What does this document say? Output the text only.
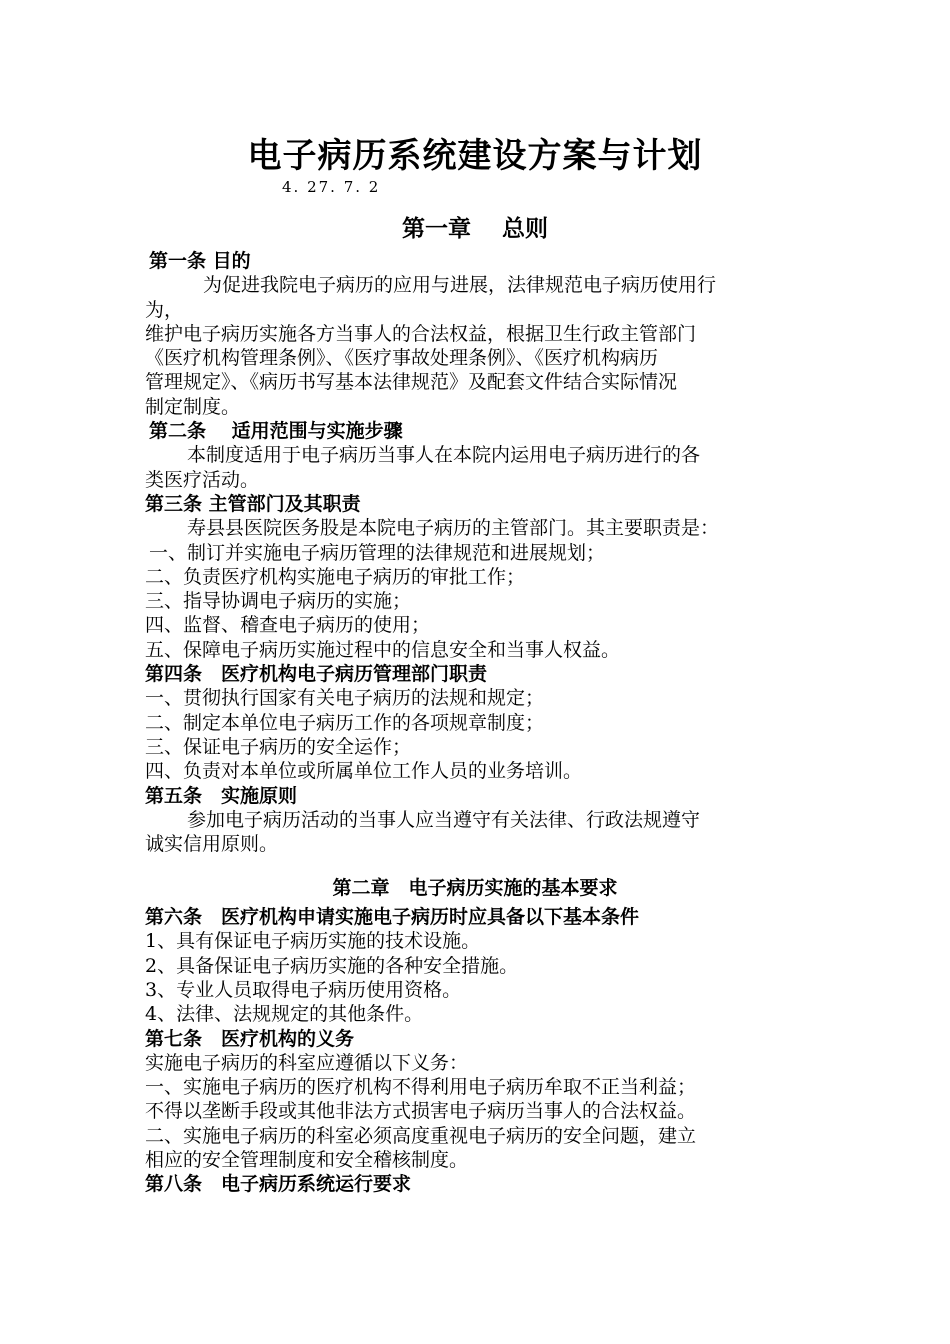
电子病历系统建设方案与计划
4. 27. 7. 2
第一章　 总则

第一条 目的

为促进我院电子病历的应用与进展，法律规范电子病历使用行

为，

维护电子病历实施各方当事人的合法权益，根据卫生行政主管部门

《医疗机构管理条例》、《医疗事故处理条例》、《医疗机构病历

管理规定》、《病历书写基本法律规范》及配套文件结合实际情况

制定制度。

第二条　 适用范围与实施步骤

本制度适用于电子病历当事人在本院内运用电子病历进行的各

类医疗活动。

第三条 主管部门及其职责

寿县县医院医务股是本院电子病历的主管部门。其主要职责是：

一、制订并实施电子病历管理的法律规范和进展规划；

二、负责医疗机构实施电子病历的审批工作；

三、指导协调电子病历的实施；

四、监督、稽查电子病历的使用；

五、保障电子病历实施过程中的信息安全和当事人权益。

第四条　医疗机构电子病历管理部门职责

一、贯彻执行国家有关电子病历的法规和规定；

二、制定本单位电子病历工作的各项规章制度；

三、保证电子病历的安全运作；

四、负责对本单位或所属单位工作人员的业务培训。

第五条　实施原则

参加电子病历活动的当事人应当遵守有关法律、行政法规遵守

诚实信用原则。

第六条　医疗机构申请实施电子病历时应具备以下基本条件

1、具有保证电子病历实施的技术设施。

2、具备保证电子病历实施的各种安全措施。

3、专业人员取得电子病历使用资格。

4、法律、法规规定的其他条件。

第七条　医疗机构的义务

实施电子病历的科室应遵循以下义务：

一、实施电子病历的医疗机构不得利用电子病历牟取不正当利益；

不得以垄断手段或其他非法方式损害电子病历当事人的合法权益。

二、实施电子病历的科室必须高度重视电子病历的安全问题，建立

相应的安全管理制度和安全稽核制度。

第八条　电子病历系统运行要求

第二章　电子病历实施的基本要求
